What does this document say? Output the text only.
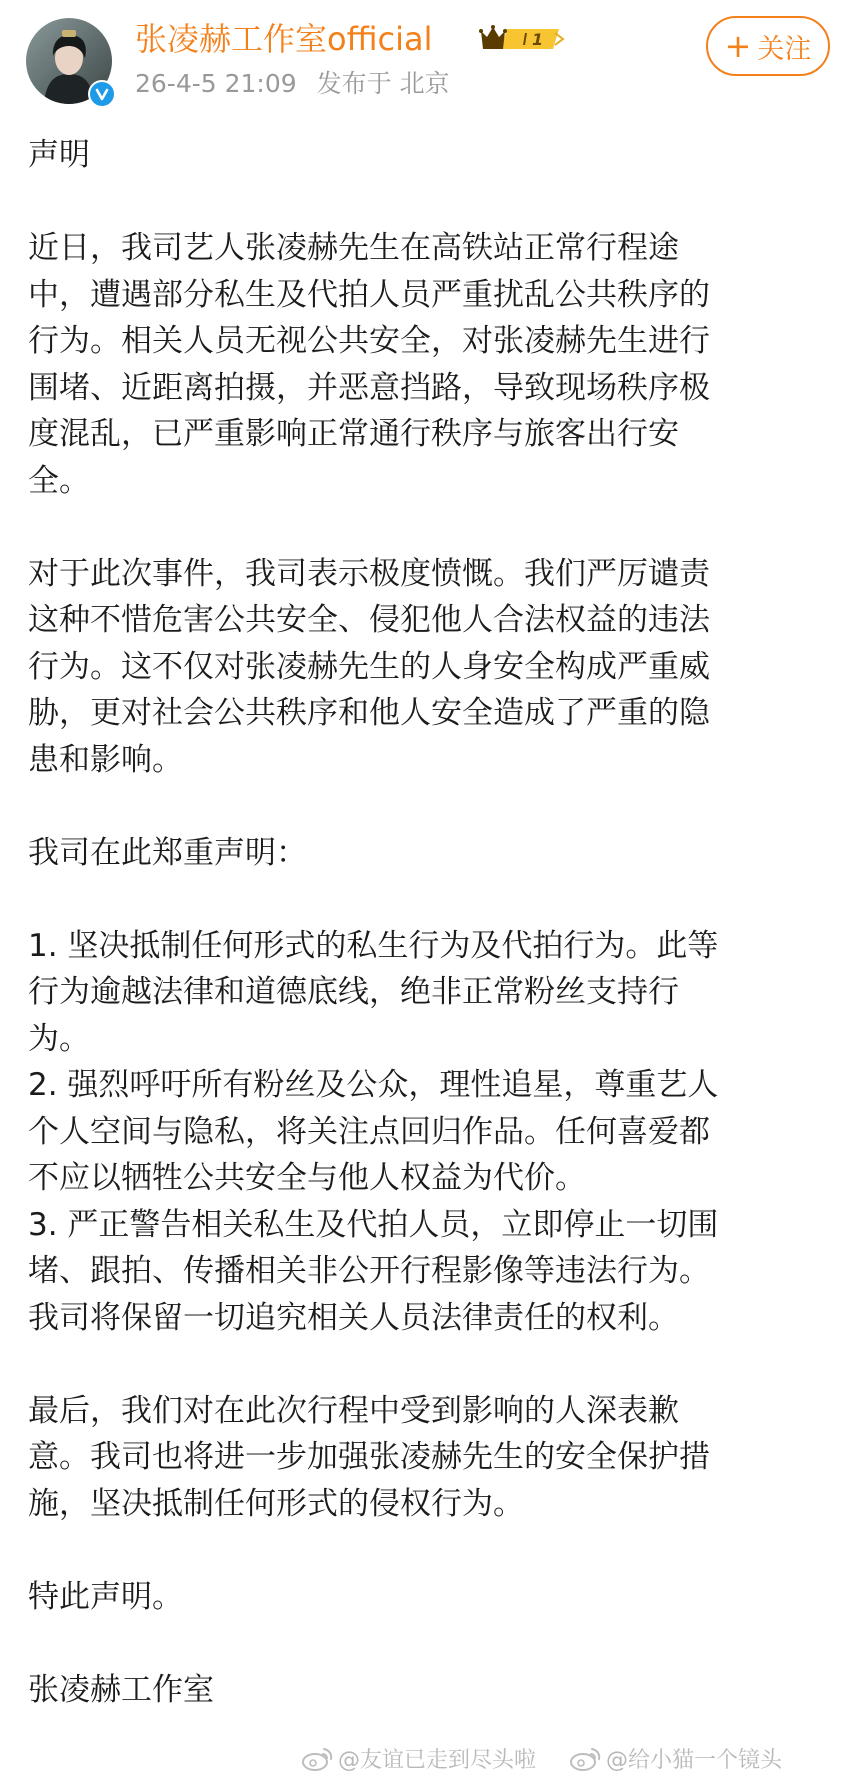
张凌赫工作室official	1
26-4-5 21:09 发布于 北京
+ 关注

声明

近日，我司艺人张凌赫先生在高铁站正常行程途
中，遭遇部分私生及代拍人员严重扰乱公共秩序的
行为。相关人员无视公共安全，对张凌赫先生进行
围堵、近距离拍摄，并恶意挡路，导致现场秩序极
度混乱，已严重影响正常通行秩序与旅客出行安
全。

对于此次事件，我司表示极度愤慨。我们严厉谴责
这种不惜危害公共安全、侵犯他人合法权益的违法
行为。这不仅对张凌赫先生的人身安全构成严重威
胁，更对社会公共秩序和他人安全造成了严重的隐
患和影响。

我司在此郑重声明：

1. 坚决抵制任何形式的私生行为及代拍行为。此等
行为逾越法律和道德底线，绝非正常粉丝支持行
为。

2. 强烈呼吁所有粉丝及公众，理性追星，尊重艺人
个人空间与隐私，将关注点回归作品。任何喜爱都
不应以牺牲公共安全与他人权益为代价。

3. 严正警告相关私生及代拍人员，立即停止一切围
堵、跟拍、传播相关非公开行程影像等违法行为。
我司将保留一切追究相关人员法律责任的权利。

最后，我们对在此次行程中受到影响的人深表歉
意。我司也将进一步加强张凌赫先生的安全保护措
施，坚决抵制任何形式的侵权行为。

特此声明。

张凌赫工作室

@友谊已走到尽头啦	@给小猫一个镜头
